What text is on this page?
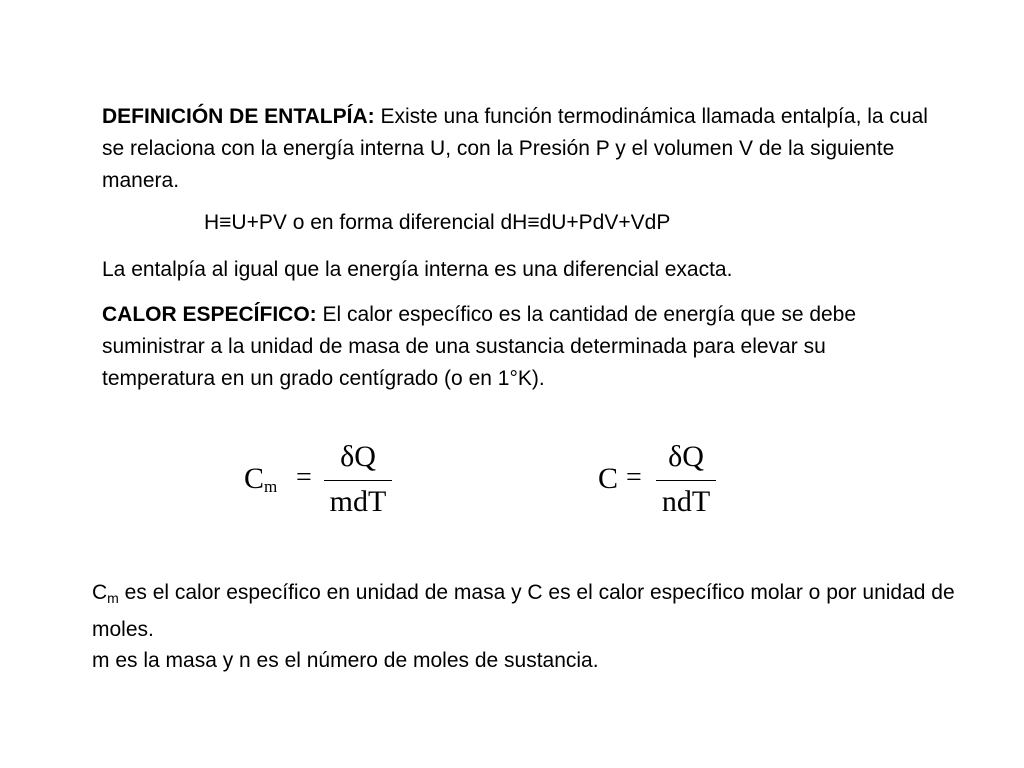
DEFINICIÓN DE ENTALPÍA: Existe una función termodinámica llamada entalpía, la cual se relaciona con la energía interna U, con la Presión P y el volumen V de la siguiente manera.

H≡U+PV o en forma diferencial dH≡dU+PdV+VdP

La entalpía al igual que la energía interna es una diferencial exacta.

CALOR ESPECÍFICO: El calor específico es la cantidad de energía que se debe suministrar a la unidad de masa de una sustancia determinada para elevar su temperatura en un grado centígrado (o en 1°K).

Cm =
δQ
mdT
C =
δQ
ndT

$C_m$ es el calor específico en unidad de masa y C es el calor específico molar o por unidad de moles.
m es la masa y n es el número de moles de sustancia.
